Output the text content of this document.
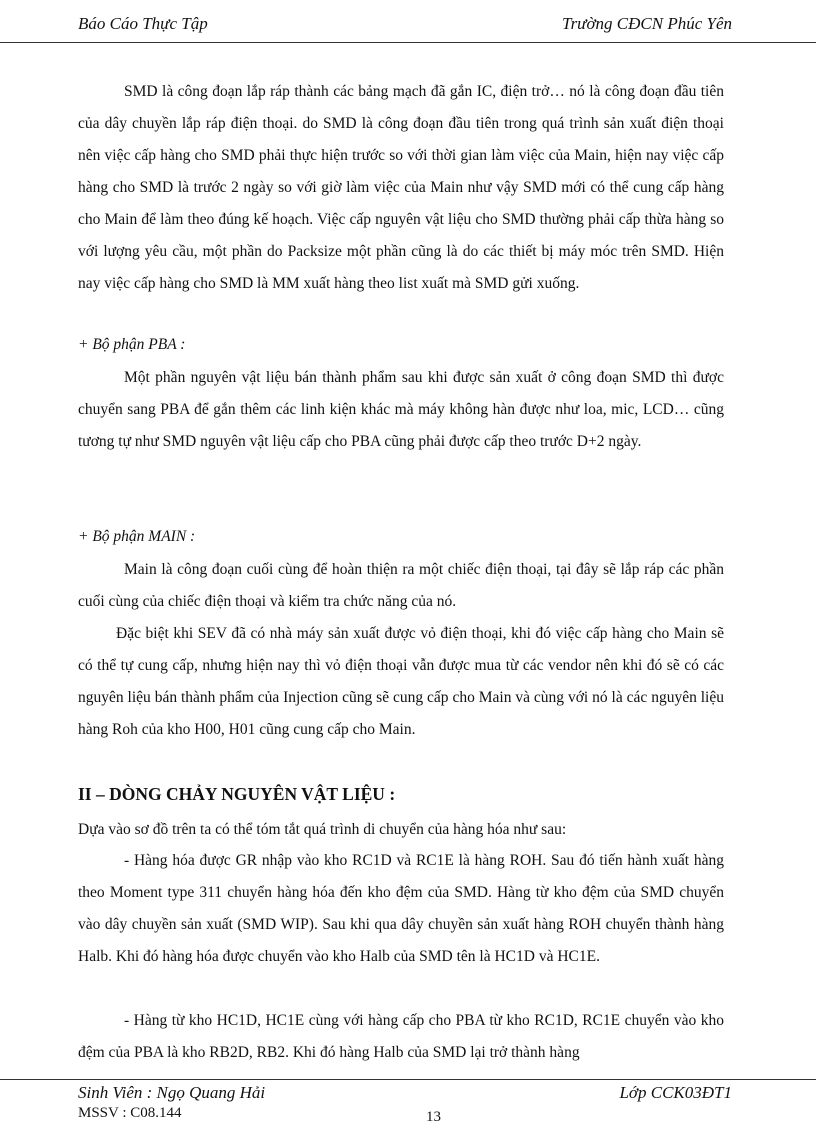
Báo Cáo Thực Tập	Trường CĐCN Phúc Yên

SMD là công đoạn lắp ráp thành các bảng mạch đã gắn IC, điện trở… nó là công đoạn đầu tiên của dây chuyền lắp ráp điện thoại. do SMD là công đoạn đầu tiên trong quá trình sản xuất điện thoại nên việc cấp hàng cho SMD phải thực hiện trước so với thời gian làm việc của Main, hiện nay việc cấp hàng cho SMD là trước 2 ngày so với giờ làm việc của Main như vậy SMD mới có thể cung cấp hàng cho Main để làm theo đúng kế hoạch. Việc cấp nguyên vật liệu cho SMD thường phải cấp thừa hàng so với lượng yêu cầu, một phần do Packsize một phần cũng là do các thiết bị máy móc trên SMD. Hiện nay việc cấp hàng cho SMD là MM xuất hàng theo list xuất mà SMD gửi xuống.

+ Bộ phận PBA :

Một phần nguyên vật liệu bán thành phẩm sau khi được sản xuất ở công đoạn SMD thì được chuyển sang PBA để gắn thêm các linh kiện khác mà máy không hàn được như loa, mic, LCD… cũng tương tự như SMD nguyên vật liệu cấp cho PBA cũng phải được cấp theo trước D+2 ngày.

+ Bộ phận MAIN :

Main là công đoạn cuối cùng để hoàn thiện ra một chiếc điện thoại, tại đây sẽ lắp ráp các phần cuối cùng của chiếc điện thoại và kiểm tra chức năng của nó.

Đặc biệt khi SEV đã có nhà máy sản xuất được vỏ điện thoại, khi đó việc cấp hàng cho Main sẽ có thể tự cung cấp, nhưng hiện nay thì vỏ điện thoại vẫn được mua từ các vendor nên khi đó sẽ có các nguyên liệu bán thành phẩm của Injection cũng sẽ cung cấp cho Main và cùng với nó là các nguyên liệu hàng Roh của kho H00, H01 cũng cung cấp cho Main.

II – DÒNG CHẢY NGUYÊN VẬT LIỆU :

Dựa vào sơ đồ trên ta có thể tóm tắt quá trình di chuyển của hàng hóa như sau:

- Hàng hóa được GR nhập vào kho RC1D và RC1E là hàng ROH. Sau đó tiến hành xuất hàng theo Moment type 311 chuyển hàng hóa đến kho đệm của SMD. Hàng từ kho đệm của SMD chuyển vào dây chuyền sản xuất (SMD WIP). Sau khi qua dây chuyền sản xuất hàng ROH chuyển thành hàng Halb. Khi đó hàng hóa được chuyển vào kho Halb của SMD tên là HC1D và HC1E.

- Hàng từ kho HC1D, HC1E cùng với hàng cấp cho PBA từ kho RC1D, RC1E chuyển vào kho đệm của PBA là kho RB2D, RB2. Khi đó hàng Halb của SMD lại trở thành hàng

Sinh Viên : Ngọ Quang Hải	Lớp CCK03ĐT1
MSSV : C08.144	13
